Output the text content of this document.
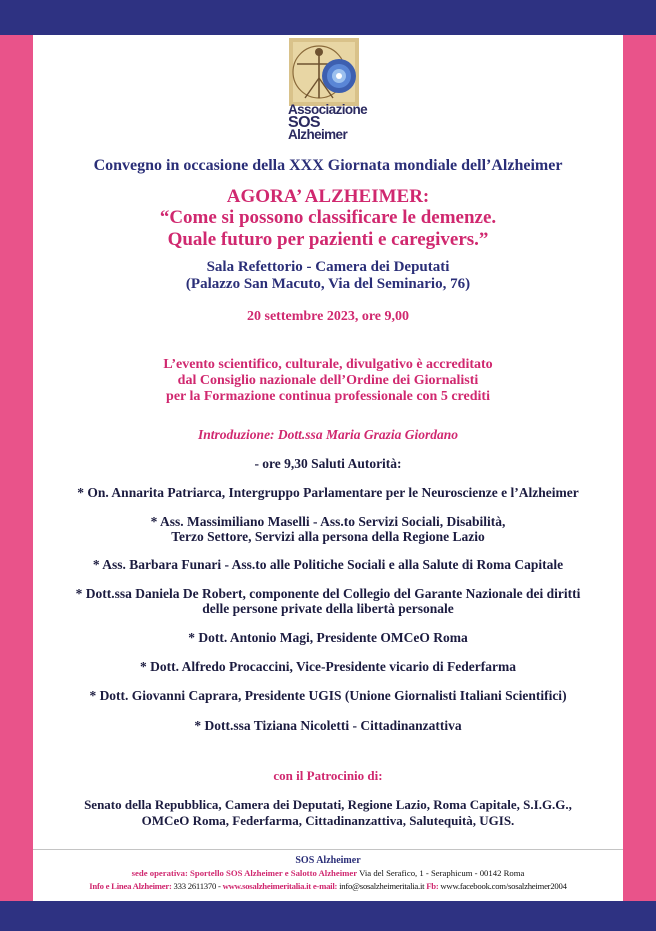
Associazione
SOS
Alzheimer
Convegno in occasione della XXX Giornata mondiale dell’Alzheimer
AGORA’ ALZHEIMER:
“Come si possono classificare le demenze.
Quale futuro per pazienti e caregivers.”
Sala Refettorio - Camera dei Deputati
(Palazzo San Macuto, Via del Seminario, 76)
20 settembre 2023, ore 9,00
L’evento scientifico, culturale, divulgativo è accreditato
dal Consiglio nazionale dell’Ordine dei Giornalisti
per la Formazione continua professionale con 5 crediti
Introduzione: Dott.ssa Maria Grazia Giordano
- ore 9,30 Saluti Autorità:
* On. Annarita Patriarca, Intergruppo Parlamentare per le Neuroscienze e l’Alzheimer
* Ass. Massimiliano Maselli - Ass.to Servizi Sociali, Disabilità,
Terzo Settore, Servizi alla persona della Regione Lazio
* Ass. Barbara Funari - Ass.to alle Politiche Sociali e alla Salute di Roma Capitale
* Dott.ssa Daniela De Robert, componente del Collegio del Garante Nazionale dei diritti
delle persone private della libertà personale
* Dott. Antonio Magi, Presidente OMCeO Roma
* Dott. Alfredo Procaccini, Vice-Presidente vicario di Federfarma
* Dott. Giovanni Caprara, Presidente UGIS (Unione Giornalisti Italiani Scientifici)
* Dott.ssa Tiziana Nicoletti - Cittadinanzattiva
con il Patrocinio di:
Senato della Repubblica, Camera dei Deputati, Regione Lazio, Roma Capitale, S.I.G.G.,
OMCeO Roma, Federfarma, Cittadinanzattiva, Salutequità, UGIS.
SOS Alzheimer
sede operativa: Sportello SOS Alzheimer e Salotto Alzheimer Via del Serafico, 1 - Seraphicum - 00142 Roma
Info e Linea Alzheimer: 333 2611370 - www.sosalzheimeritalia.it e-mail: info@sosalzheimeritalia.it Fb: www.facebook.com/sosalzheimer2004
